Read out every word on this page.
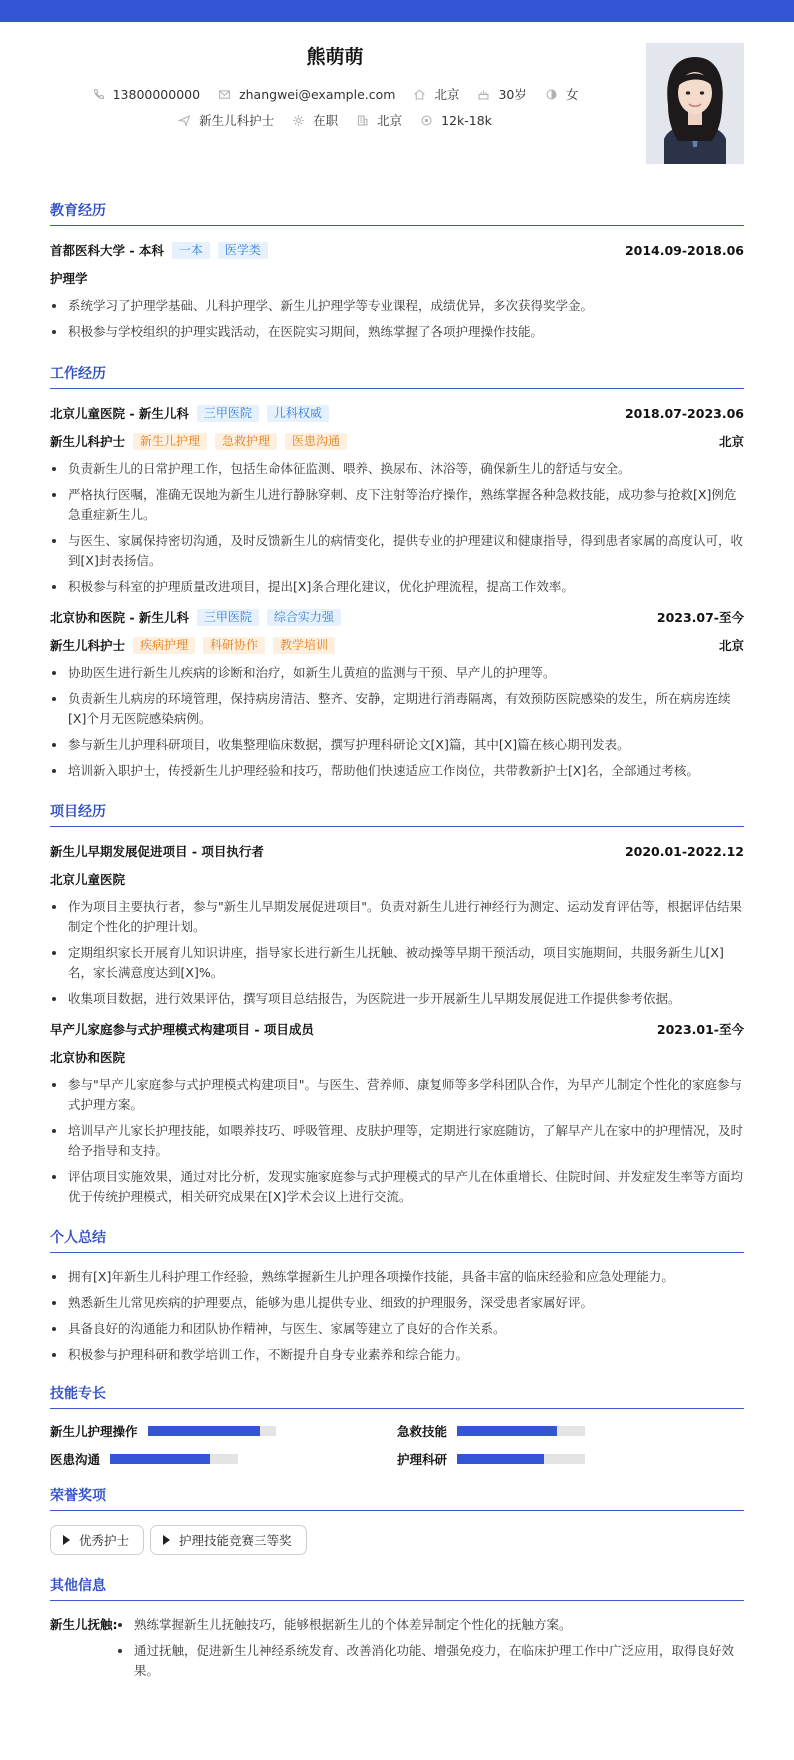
熊萌萌
13800000000	zhangwei@example.com	北京	30岁	女
新生儿科护士	在职	北京	12k-18k
教育经历
首都医科大学 - 本科	一本	医学类	2014.09-2018.06
护理学
系统学习了护理学基础、儿科护理学、新生儿护理学等专业课程，成绩优异，多次获得奖学金。
积极参与学校组织的护理实践活动，在医院实习期间，熟练掌握了各项护理操作技能。
工作经历
北京儿童医院 - 新生儿科	三甲医院	儿科权威	2018.07-2023.06
新生儿科护士	新生儿护理	急救护理	医患沟通	北京
负责新生儿的日常护理工作，包括生命体征监测、喂养、换尿布、沐浴等，确保新生儿的舒适与安全。
严格执行医嘱，准确无误地为新生儿进行静脉穿刺、皮下注射等治疗操作，熟练掌握各种急救技能，成功参与抢救[X]例危急重症新生儿。
与医生、家属保持密切沟通，及时反馈新生儿的病情变化，提供专业的护理建议和健康指导，得到患者家属的高度认可，收到[X]封表扬信。
积极参与科室的护理质量改进项目，提出[X]条合理化建议，优化护理流程，提高工作效率。
北京协和医院 - 新生儿科	三甲医院	综合实力强	2023.07-至今
新生儿科护士	疾病护理	科研协作	教学培训	北京
协助医生进行新生儿疾病的诊断和治疗，如新生儿黄疸的监测与干预、早产儿的护理等。
负责新生儿病房的环境管理，保持病房清洁、整齐、安静，定期进行消毒隔离，有效预防医院感染的发生，所在病房连续[X]个月无医院感染病例。
参与新生儿护理科研项目，收集整理临床数据，撰写护理科研论文[X]篇，其中[X]篇在核心期刊发表。
培训新入职护士，传授新生儿护理经验和技巧，帮助他们快速适应工作岗位，共带教新护士[X]名，全部通过考核。
项目经历
新生儿早期发展促进项目 - 项目执行者	2020.01-2022.12
北京儿童医院
作为项目主要执行者，参与"新生儿早期发展促进项目"。负责对新生儿进行神经行为测定、运动发育评估等，根据评估结果制定个性化的护理计划。
定期组织家长开展育儿知识讲座，指导家长进行新生儿抚触、被动操等早期干预活动，项目实施期间，共服务新生儿[X]名，家长满意度达到[X]%。
收集项目数据，进行效果评估，撰写项目总结报告，为医院进一步开展新生儿早期发展促进工作提供参考依据。
早产儿家庭参与式护理模式构建项目 - 项目成员	2023.01-至今
北京协和医院
参与"早产儿家庭参与式护理模式构建项目"。与医生、营养师、康复师等多学科团队合作，为早产儿制定个性化的家庭参与式护理方案。
培训早产儿家长护理技能，如喂养技巧、呼吸管理、皮肤护理等，定期进行家庭随访，了解早产儿在家中的护理情况，及时给予指导和支持。
评估项目实施效果，通过对比分析，发现实施家庭参与式护理模式的早产儿在体重增长、住院时间、并发症发生率等方面均优于传统护理模式，相关研究成果在[X]学术会议上进行交流。
个人总结
拥有[X]年新生儿科护理工作经验，熟练掌握新生儿护理各项操作技能，具备丰富的临床经验和应急处理能力。
熟悉新生儿常见疾病的护理要点，能够为患儿提供专业、细致的护理服务，深受患者家属好评。
具备良好的沟通能力和团队协作精神，与医生、家属等建立了良好的合作关系。
积极参与护理科研和教学培训工作，不断提升自身专业素养和综合能力。
技能专长
新生儿护理操作	急救技能
医患沟通	护理科研
荣誉奖项
优秀护士	护理技能竞赛三等奖
其他信息
新生儿抚触:	熟练掌握新生儿抚触技巧，能够根据新生儿的个体差异制定个性化的抚触方案。
通过抚触，促进新生儿神经系统发育、改善消化功能、增强免疫力，在临床护理工作中广泛应用，取得良好效果。
